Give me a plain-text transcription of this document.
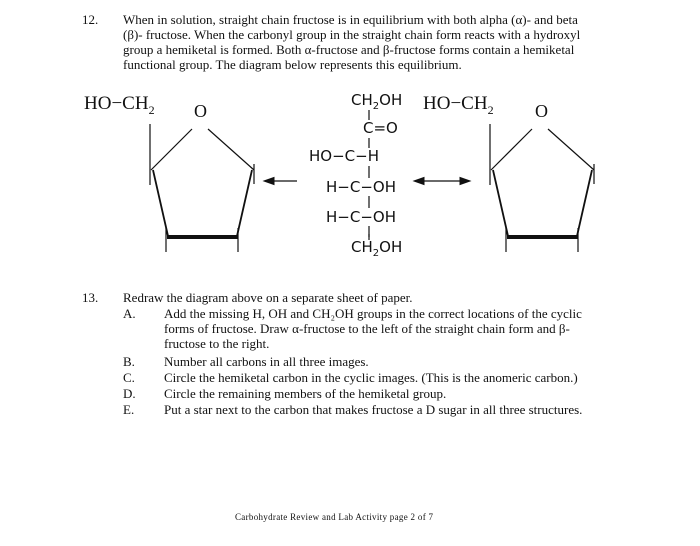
12. When in solution, straight chain fructose is in equilibrium with both alpha (α)- and beta
(β)- fructose. When the carbonyl group in the straight chain form reacts with a hydroxyl
group a hemiketal is formed. Both α-fructose and β-fructose forms contain a hemiketal
functional group. The diagram below represents this equilibrium.
$HO-CH_2$ O	$HO-CH_2$ O
$CH_2OH$
C=O
HO−C−H
H−C−OH
H−C−OH
$CH_2OH$
13. Redraw the diagram above on a separate sheet of paper.
A. Add the missing H, OH and CH₂OH groups in the correct locations of the cyclic
forms of fructose. Draw α-fructose to the left of the straight chain form and β-
fructose to the right.
B. Number all carbons in all three images.
C. Circle the hemiketal carbon in the cyclic images. (This is the anomeric carbon.)
D. Circle the remaining members of the hemiketal group.
E. Put a star next to the carbon that makes fructose a D sugar in all three structures.
Carbohydrate Review and Lab Activity page 2 of 7
